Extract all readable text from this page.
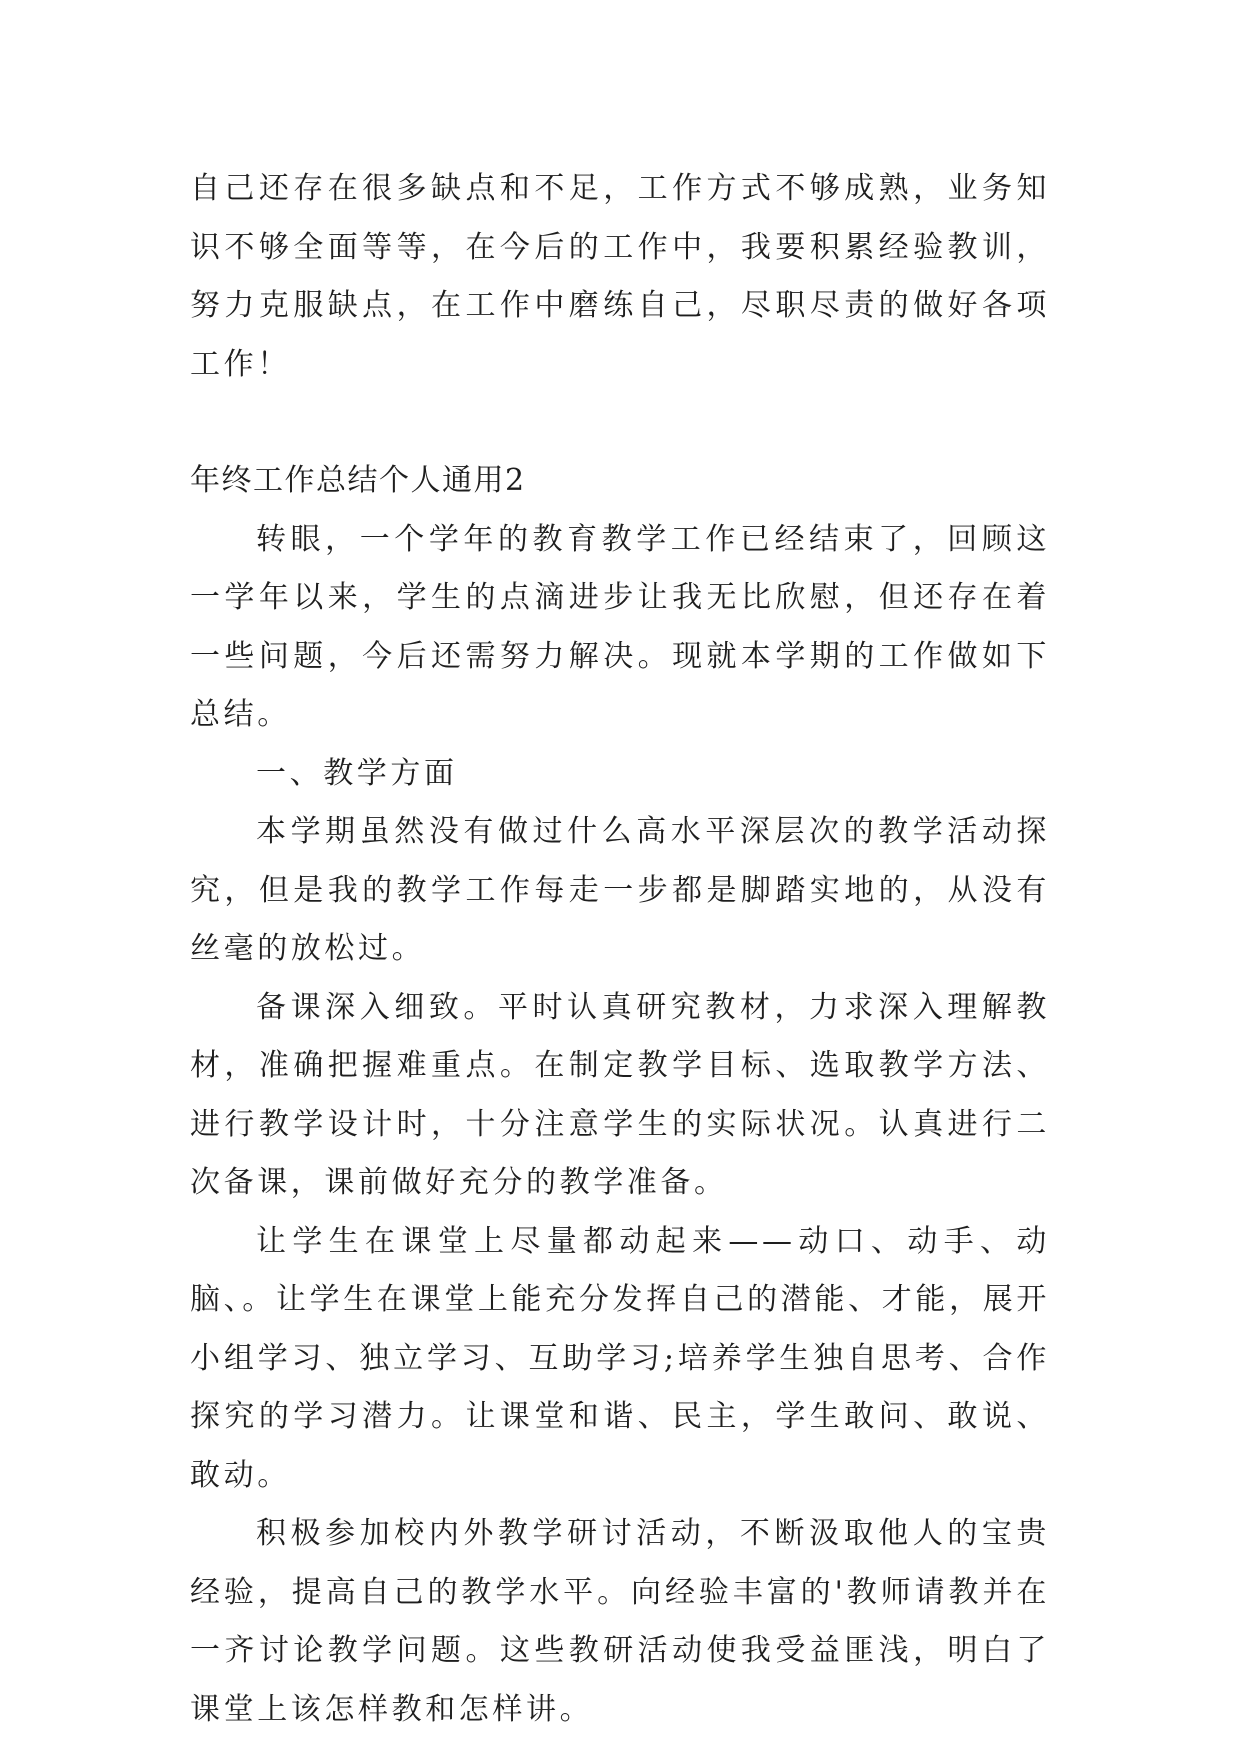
自己还存在很多缺点和不足，工作方式不够成熟，业务知识不够全面等等，在今后的工作中，我要积累经验教训，努力克服缺点，在工作中磨练自己，尽职尽责的做好各项工作！

年终工作总结个人通用2

转眼，一个学年的教育教学工作已经结束了，回顾这一学年以来，学生的点滴进步让我无比欣慰，但还存在着一些问题，今后还需努力解决。现就本学期的工作做如下总结。

一、教学方面

本学期虽然没有做过什么高水平深层次的教学活动探究，但是我的教学工作每走一步都是脚踏实地的，从没有丝毫的放松过。

备课深入细致。平时认真研究教材，力求深入理解教材，准确把握难重点。在制定教学目标、选取教学方法、进行教学设计时，十分注意学生的实际状况。认真进行二次备课，课前做好充分的教学准备。

让学生在课堂上尽量都动起来——动口、动手、动脑、。让学生在课堂上能充分发挥自己的潜能、才能，展开小组学习、独立学习、互助学习;培养学生独自思考、合作探究的学习潜力。让课堂和谐、民主，学生敢问、敢说、敢动。

积极参加校内外教学研讨活动，不断汲取他人的宝贵经验，提高自己的教学水平。向经验丰富的'教师请教并在一齐讨论教学问题。这些教研活动使我受益匪浅，明白了课堂上该怎样教和怎样讲。
